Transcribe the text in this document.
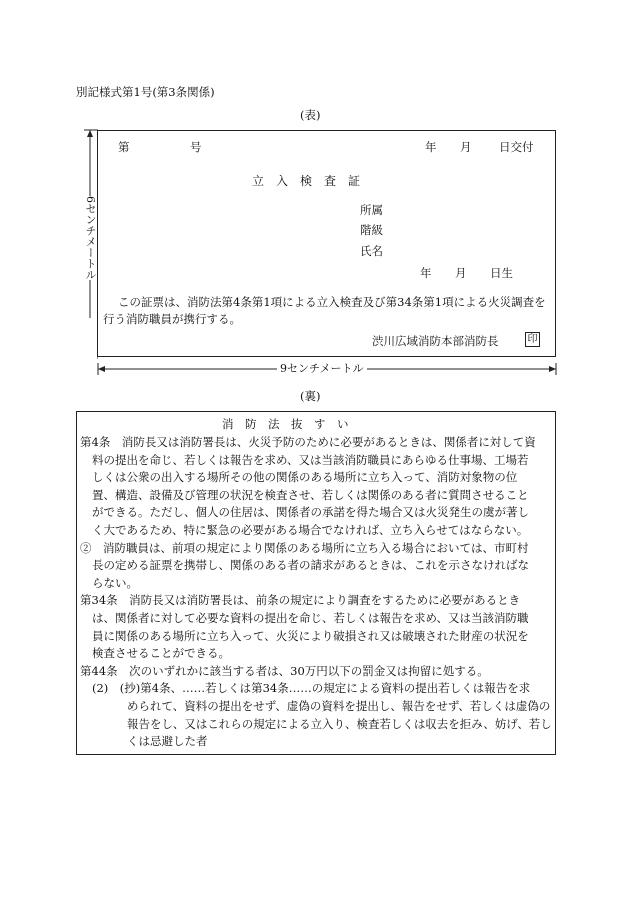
別記様式第1号(第3条関係)
(表)
第	号	年 月 日交付
立　入　検　査　証
所属
階級
氏名
年 月 日生
この証票は、消防法第4条第1項による立入検査及び第34条第1項による火災調査を
行う消防職員が携行する。
渋川広域消防本部消防長	印
6センチメートル
9センチメートル
(裏)
消　防　法　抜　す　い
第4条　消防長又は消防署長は、火災予防のために必要があるときは、関係者に対して資
料の提出を命じ、若しくは報告を求め、又は当該消防職員にあらゆる仕事場、工場若
しくは公衆の出入する場所その他の関係のある場所に立ち入って、消防対象物の位
置、構造、設備及び管理の状況を検査させ、若しくは関係のある者に質問させること
ができる。ただし、個人の住居は、関係者の承諾を得た場合又は火災発生の虞が著し
く大であるため、特に緊急の必要がある場合でなければ、立ち入らせてはならない。
②　消防職員は、前項の規定により関係のある場所に立ち入る場合においては、市町村
長の定める証票を携帯し、関係のある者の請求があるときは、これを示さなければな
らない。
第34条　消防長又は消防署長は、前条の規定により調査をするために必要があるとき
は、関係者に対して必要な資料の提出を命じ、若しくは報告を求め、又は当該消防職
員に関係のある場所に立ち入って、火災により破損され又は破壊された財産の状況を
検査させることができる。
第44条　次のいずれかに該当する者は、30万円以下の罰金又は拘留に処する。
(2)　(抄)第4条、……若しくは第34条……の規定による資料の提出若しくは報告を求
められて、資料の提出をせず、虚偽の資料を提出し、報告をせず、若しくは虚偽の
報告をし、又はこれらの規定による立入り、検査若しくは収去を拒み、妨げ、若し
くは忌避した者
